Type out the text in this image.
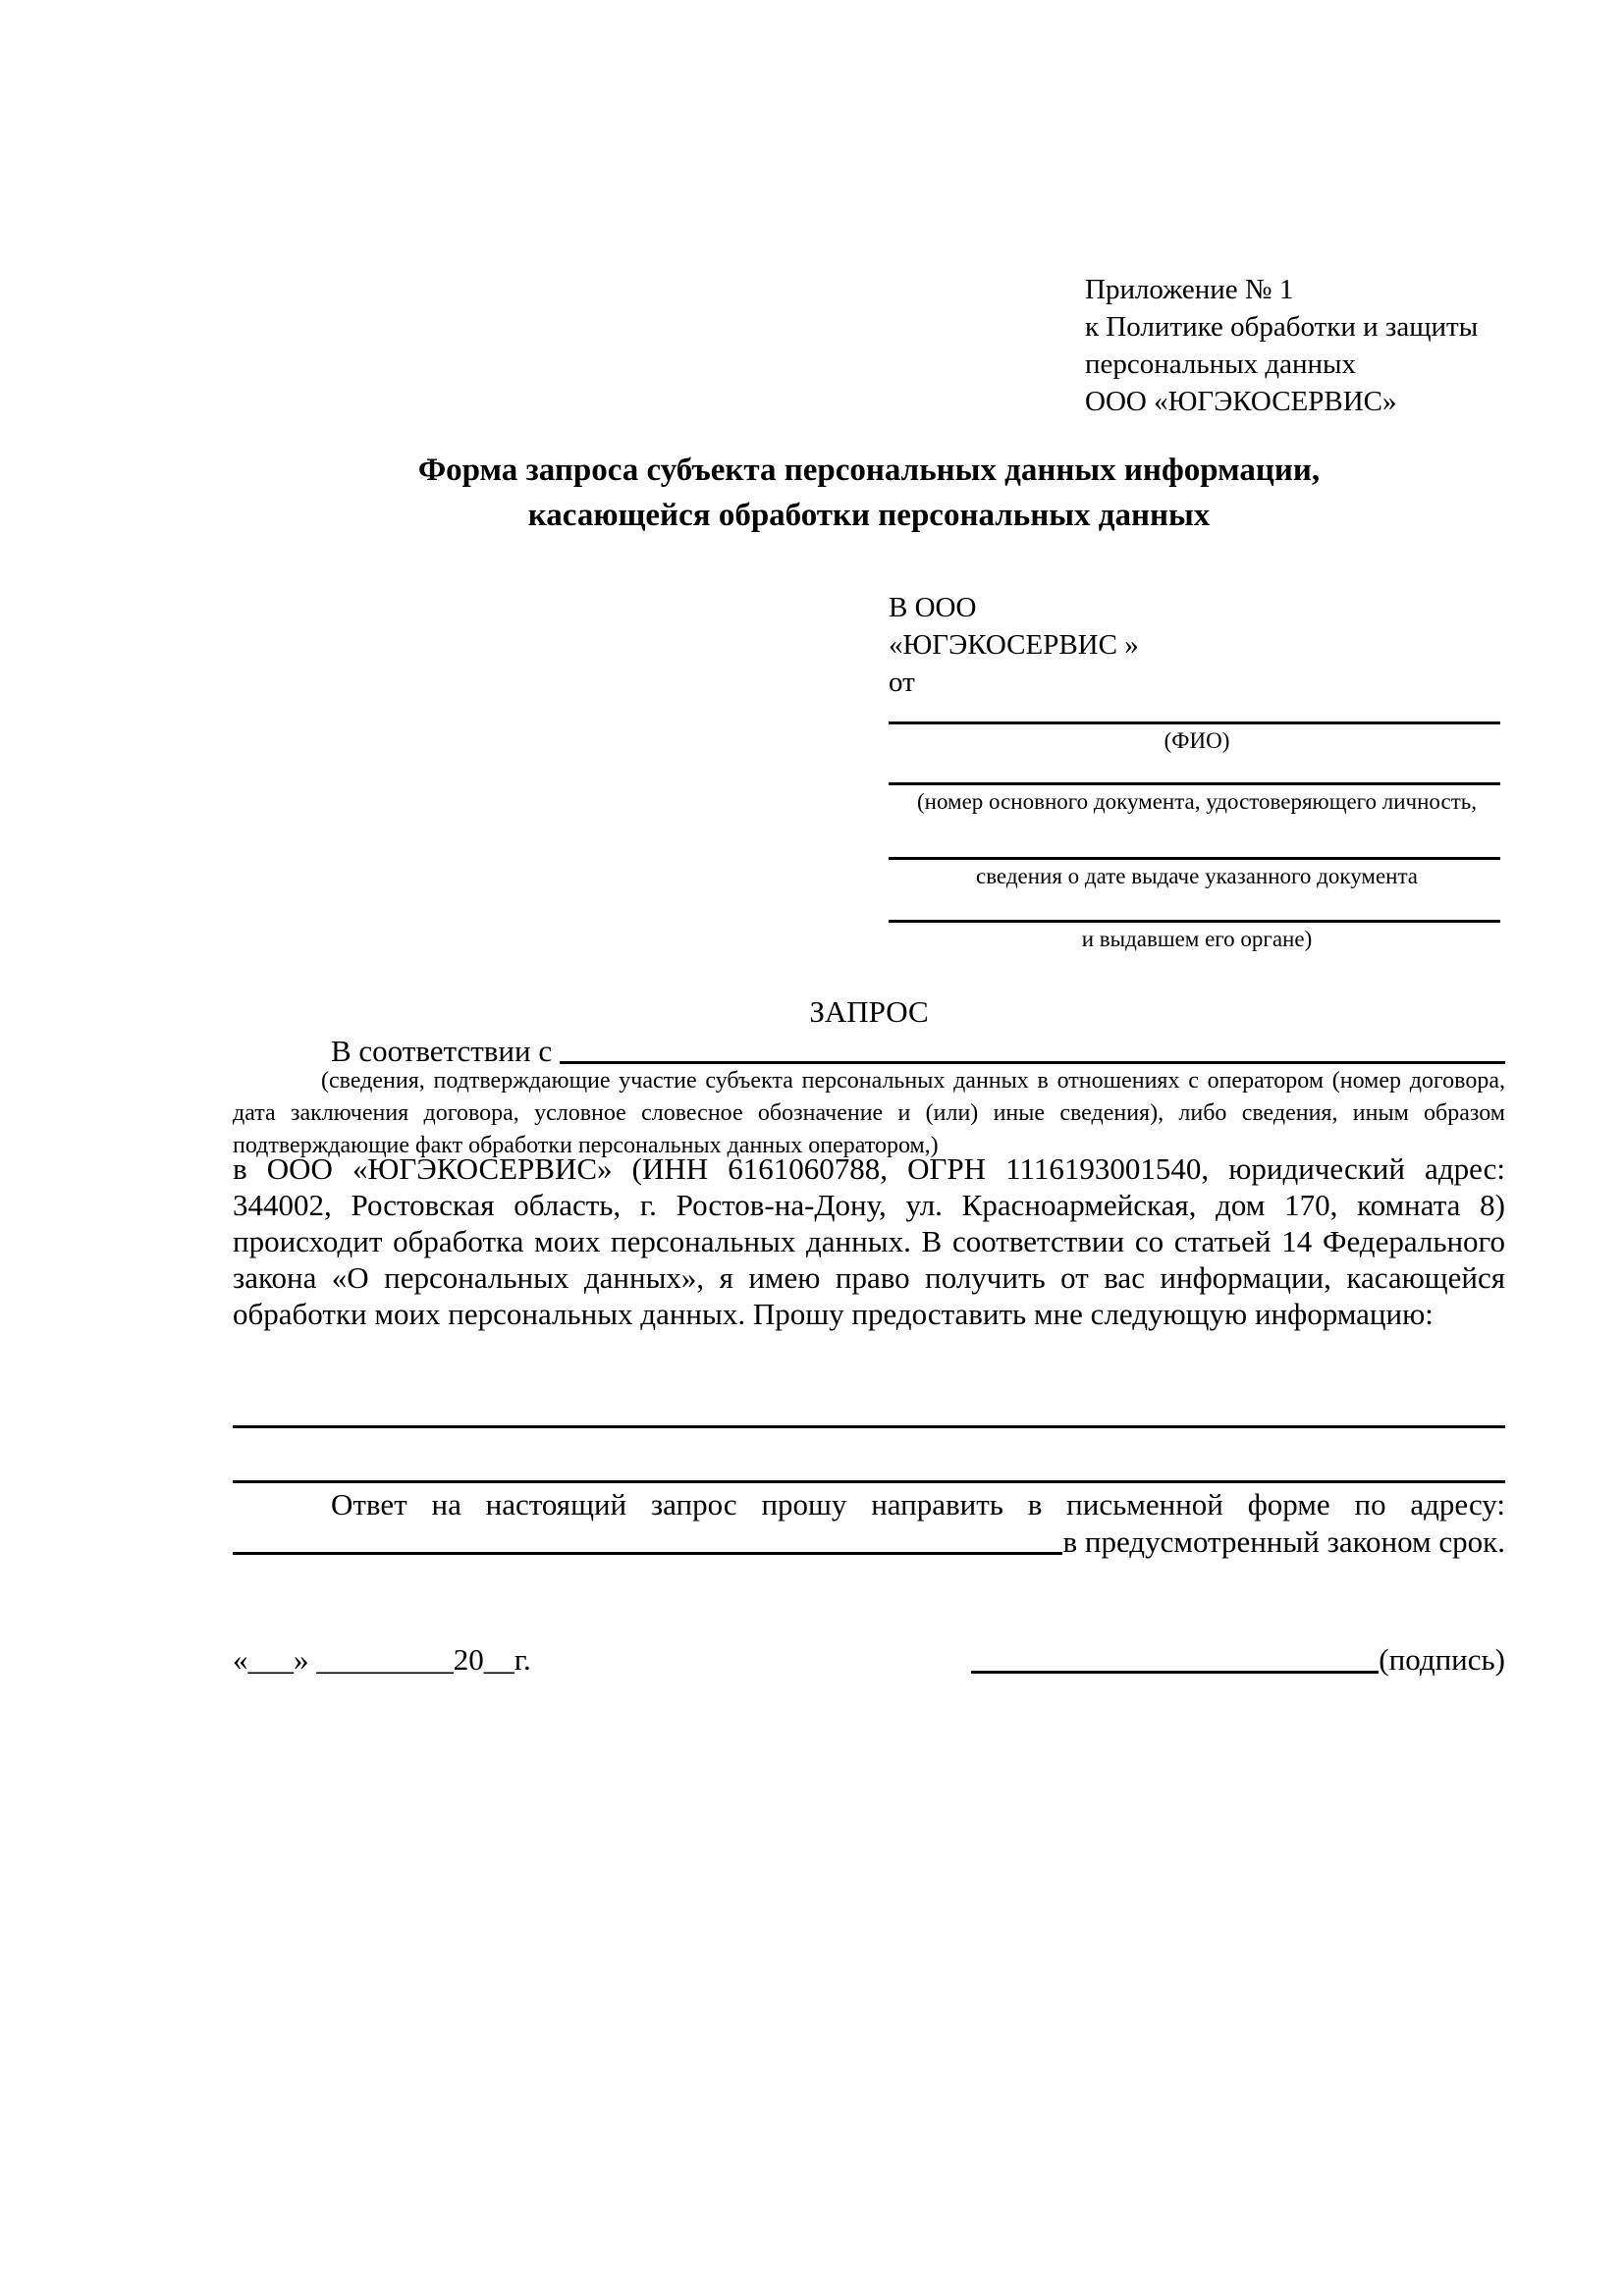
Приложение № 1
к Политике обработки и защиты
персональных данных
ООО «ЮГЭКОСЕРВИС»
Форма запроса субъекта персональных данных информации,
касающейся обработки персональных данных
В ООО
«ЮГЭКОСЕРВИС »
от
(ФИО)
(номер основного документа, удостоверяющего личность,
сведения о дате выдаче указанного документа
и выдавшем его органе)
ЗАПРОС
В соответствии с
(сведения, подтверждающие участие субъекта персональных данных в отношениях с оператором (номер договора, дата заключения договора, условное словесное обозначение и (или) иные сведения), либо сведения, иным образом подтверждающие факт обработки персональных данных оператором,)
в ООО «ЮГЭКОСЕРВИС» (ИНН 6161060788, ОГРН 1116193001540, юридический адрес: 344002, Ростовская область, г. Ростов-на-Дону, ул. Красноармейская, дом 170, комната 8) происходит обработка моих персональных данных. В соответствии со статьей 14 Федерального закона «О персональных данных», я имею право получить от вас информации, касающейся обработки моих персональных данных. Прошу предоставить мне следующую информацию:
Ответ на настоящий запрос прошу направить в письменной форме по адресу:
в предусмотренный законом срок.
«___» _________20__г.	(подпись)
